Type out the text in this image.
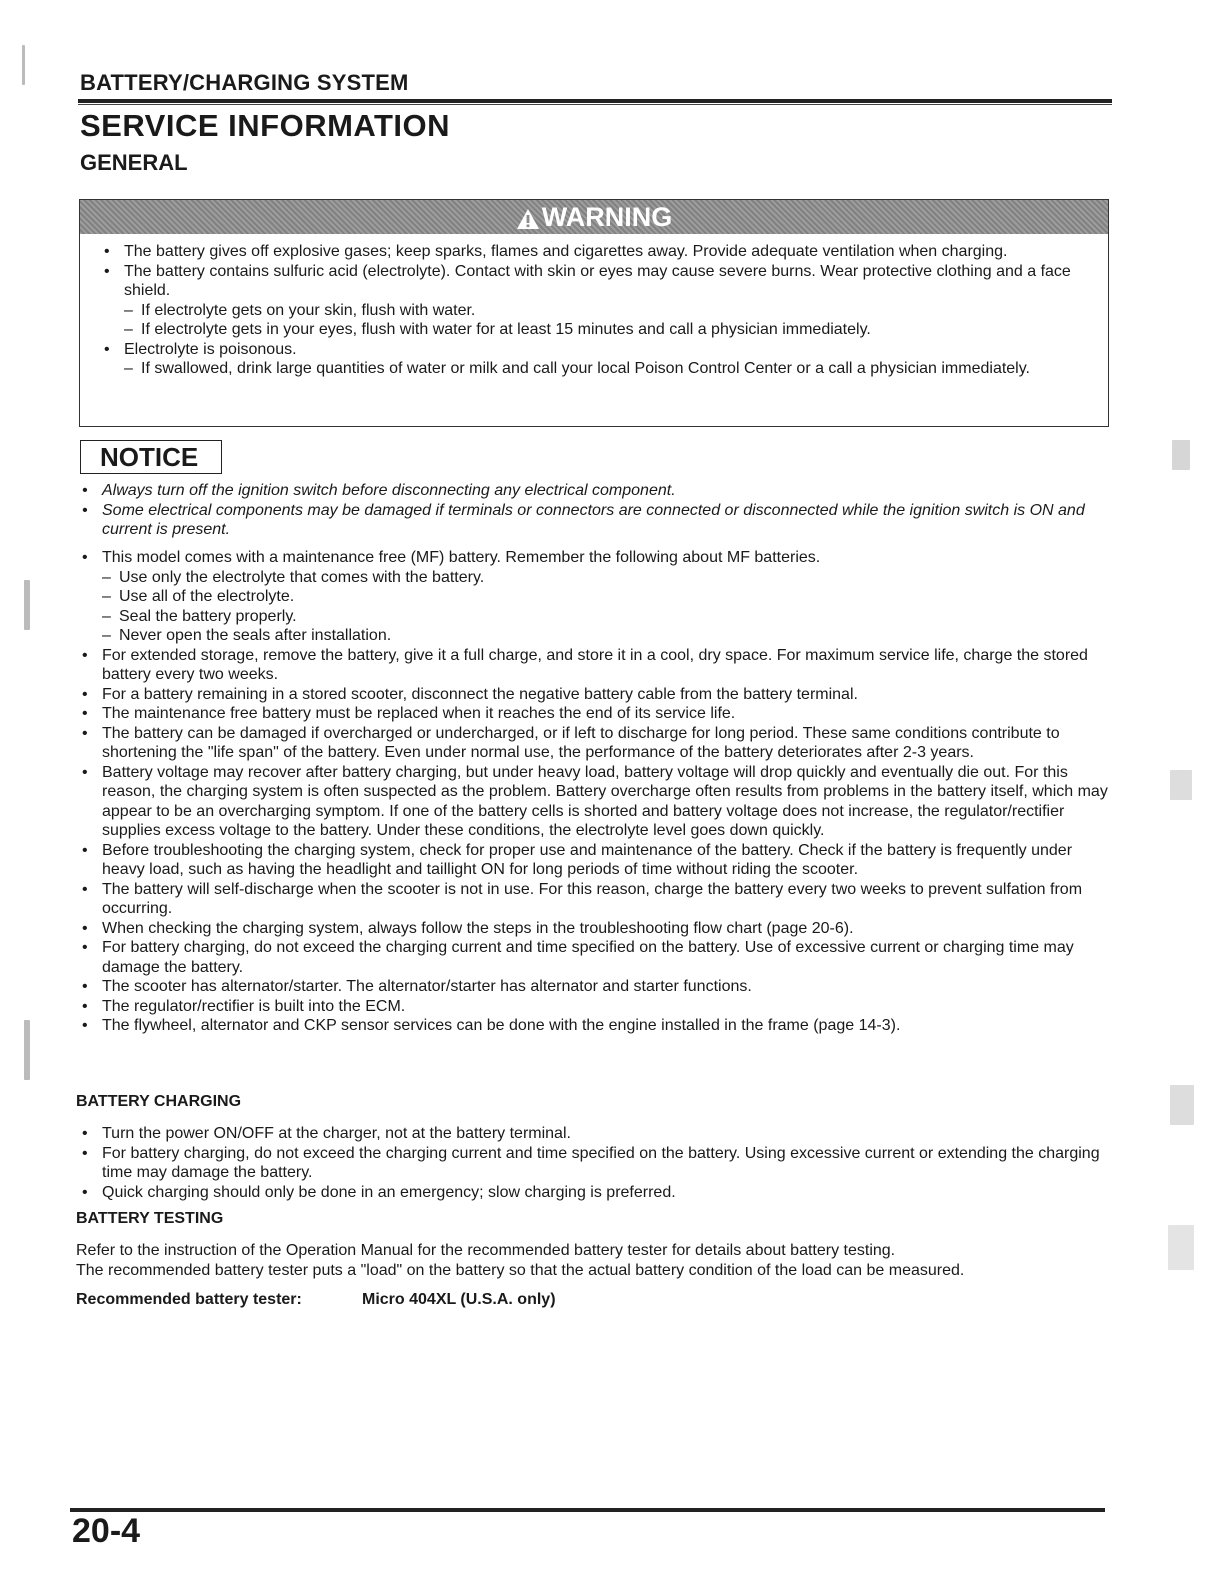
BATTERY/CHARGING SYSTEM
SERVICE INFORMATION
GENERAL
WARNING
• The battery gives off explosive gases; keep sparks, flames and cigarettes away. Provide adequate ventilation when charging.
• The battery contains sulfuric acid (electrolyte). Contact with skin or eyes may cause severe burns. Wear protective clothing and a face shield.
– If electrolyte gets on your skin, flush with water.
– If electrolyte gets in your eyes, flush with water for at least 15 minutes and call a physician immediately.
• Electrolyte is poisonous.
– If swallowed, drink large quantities of water or milk and call your local Poison Control Center or a call a physician immediately.
NOTICE
• Always turn off the ignition switch before disconnecting any electrical component.
• Some electrical components may be damaged if terminals or connectors are connected or disconnected while the ignition switch is ON and current is present.
• This model comes with a maintenance free (MF) battery. Remember the following about MF batteries.
– Use only the electrolyte that comes with the battery.
– Use all of the electrolyte.
– Seal the battery properly.
– Never open the seals after installation.
• For extended storage, remove the battery, give it a full charge, and store it in a cool, dry space. For maximum service life, charge the stored battery every two weeks.
• For a battery remaining in a stored scooter, disconnect the negative battery cable from the battery terminal.
• The maintenance free battery must be replaced when it reaches the end of its service life.
• The battery can be damaged if overcharged or undercharged, or if left to discharge for long period. These same conditions contribute to shortening the "life span" of the battery. Even under normal use, the performance of the battery deteriorates after 2-3 years.
• Battery voltage may recover after battery charging, but under heavy load, battery voltage will drop quickly and eventually die out. For this reason, the charging system is often suspected as the problem. Battery overcharge often results from problems in the battery itself, which may appear to be an overcharging symptom. If one of the battery cells is shorted and battery voltage does not increase, the regulator/rectifier supplies excess voltage to the battery. Under these conditions, the electrolyte level goes down quickly.
• Before troubleshooting the charging system, check for proper use and maintenance of the battery. Check if the battery is frequently under heavy load, such as having the headlight and taillight ON for long periods of time without riding the scooter.
• The battery will self-discharge when the scooter is not in use. For this reason, charge the battery every two weeks to prevent sulfation from occurring.
• When checking the charging system, always follow the steps in the troubleshooting flow chart (page 20-6).
• For battery charging, do not exceed the charging current and time specified on the battery. Use of excessive current or charging time may damage the battery.
• The scooter has alternator/starter. The alternator/starter has alternator and starter functions.
• The regulator/rectifier is built into the ECM.
• The flywheel, alternator and CKP sensor services can be done with the engine installed in the frame (page 14-3).
BATTERY CHARGING
• Turn the power ON/OFF at the charger, not at the battery terminal.
• For battery charging, do not exceed the charging current and time specified on the battery. Using excessive current or extending the charging time may damage the battery.
• Quick charging should only be done in an emergency; slow charging is preferred.
BATTERY TESTING
Refer to the instruction of the Operation Manual for the recommended battery tester for details about battery testing.
The recommended battery tester puts a "load" on the battery so that the actual battery condition of the load can be measured.
Recommended battery tester:	Micro 404XL (U.S.A. only)
20-4
